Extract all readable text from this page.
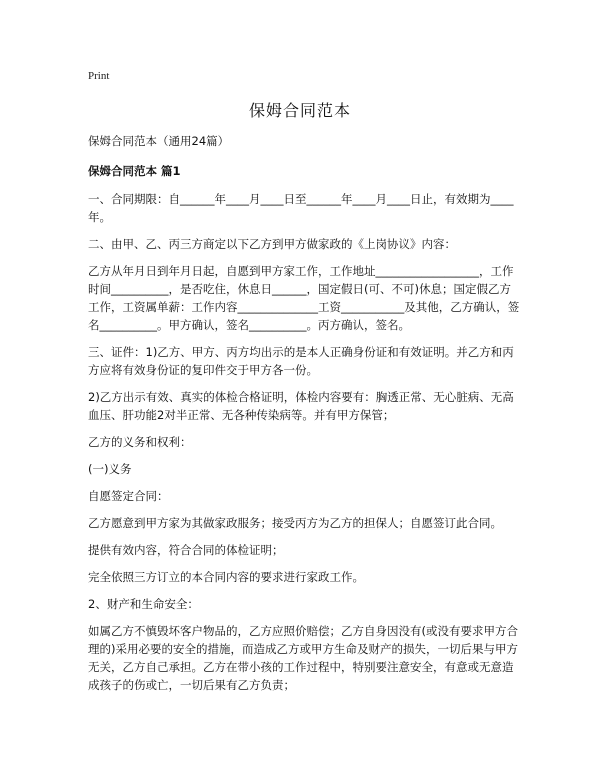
Print
保姆合同范本

保姆合同范本（通用24篇）

保姆合同范本 篇1

一、合同期限：自______年____月____日至______年____月____日止，有效期为____年。

二、由甲、乙、丙三方商定以下乙方到甲方做家政的《上岗协议》内容：

乙方从年月日到年月日起，自愿到甲方家工作，工作地址__________________，工作时间__________，是否吃住，休息日______，国定假日(可、不可)休息；国定假乙方工作，工资属单薪：工作内容______________工资___________及其他，乙方确认，签名__________。甲方确认，签名__________。丙方确认，签名。

三、证件：1)乙方、甲方、丙方均出示的是本人正确身份证和有效证明。并乙方和丙方应将有效身份证的复印件交于甲方各一份。

2)乙方出示有效、真实的体检合格证明，体检内容要有：胸透正常、无心脏病、无高血压、肝功能2对半正常、无各种传染病等。并有甲方保管；

乙方的义务和权利：

(一)义务

自愿签定合同：

乙方愿意到甲方家为其做家政服务；接受丙方为乙方的担保人；自愿签订此合同。

提供有效内容，符合合同的体检证明；

完全依照三方订立的本合同内容的要求进行家政工作。

2、财产和生命安全：

如属乙方不慎毁坏客户物品的，乙方应照价赔偿；乙方自身因没有(或没有要求甲方合理的)采用必要的安全的措施，而造成乙方或甲方生命及财产的损失，一切后果与甲方无关，乙方自己承担。乙方在带小孩的工作过程中，特别要注意安全，有意或无意造成孩子的伤或亡，一切后果有乙方负责；
